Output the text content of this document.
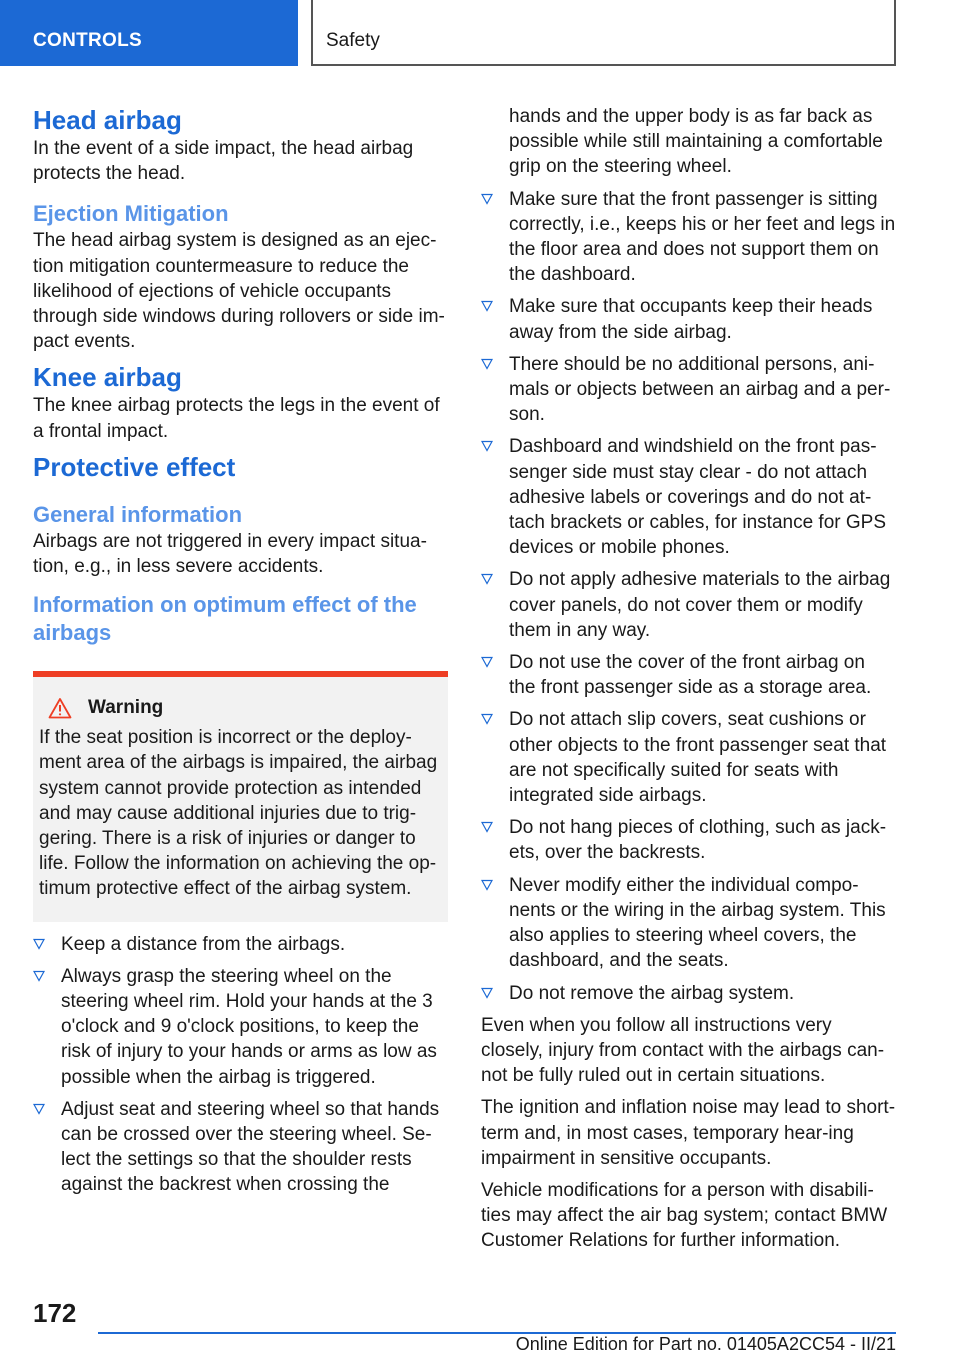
CONTROLS	Safety
Head airbag

In the event of a side impact, the head airbag protects the head.

Ejection Mitigation

The head airbag system is designed as an ejec-tion mitigation countermeasure to reduce the likelihood of ejections of vehicle occupants through side windows during rollovers or side im-pact events.

Knee airbag

The knee airbag protects the legs in the event of a frontal impact.

Protective effect
General information

Airbags are not triggered in every impact situa-tion, e.g., in less severe accidents.

Information on optimum effect of the airbags
Warning

If the seat position is incorrect or the deploy-ment area of the airbags is impaired, the airbag system cannot provide protection as intended and may cause additional injuries due to trig-gering. There is a risk of injuries or danger to life. Follow the information on achieving the op-timum protective effect of the airbag system.

Keep a distance from the airbags.
Always grasp the steering wheel on the steering wheel rim. Hold your hands at the 3 o'clock and 9 o'clock positions, to keep the risk of injury to your hands or arms as low as possible when the airbag is triggered.
Adjust seat and steering wheel so that hands can be crossed over the steering wheel. Se-lect the settings so that the shoulder rests against the backrest when crossing the

hands and the upper body is as far back as possible while still maintaining a comfortable grip on the steering wheel.

Make sure that the front passenger is sitting correctly, i.e., keeps his or her feet and legs in the floor area and does not support them on the dashboard.
Make sure that occupants keep their heads away from the side airbag.
There should be no additional persons, ani-mals or objects between an airbag and a per-son.
Dashboard and windshield on the front pas-senger side must stay clear - do not attach adhesive labels or coverings and do not at-tach brackets or cables, for instance for GPS devices or mobile phones.
Do not apply adhesive materials to the airbag cover panels, do not cover them or modify them in any way.
Do not use the cover of the front airbag on the front passenger side as a storage area.
Do not attach slip covers, seat cushions or other objects to the front passenger seat that are not specifically suited for seats with integrated side airbags.
Do not hang pieces of clothing, such as jack-ets, over the backrests.
Never modify either the individual compo-nents or the wiring in the airbag system. This also applies to steering wheel covers, the dashboard, and the seats.
Do not remove the airbag system.

Even when you follow all instructions very closely, injury from contact with the airbags can-not be fully ruled out in certain situations.

The ignition and inflation noise may lead to short-term and, in most cases, temporary hear-ing impairment in sensitive occupants.

Vehicle modifications for a person with disabili-ties may affect the air bag system; contact BMW Customer Relations for further information.

172
Online Edition for Part no. 01405A2CC54 - II/21
